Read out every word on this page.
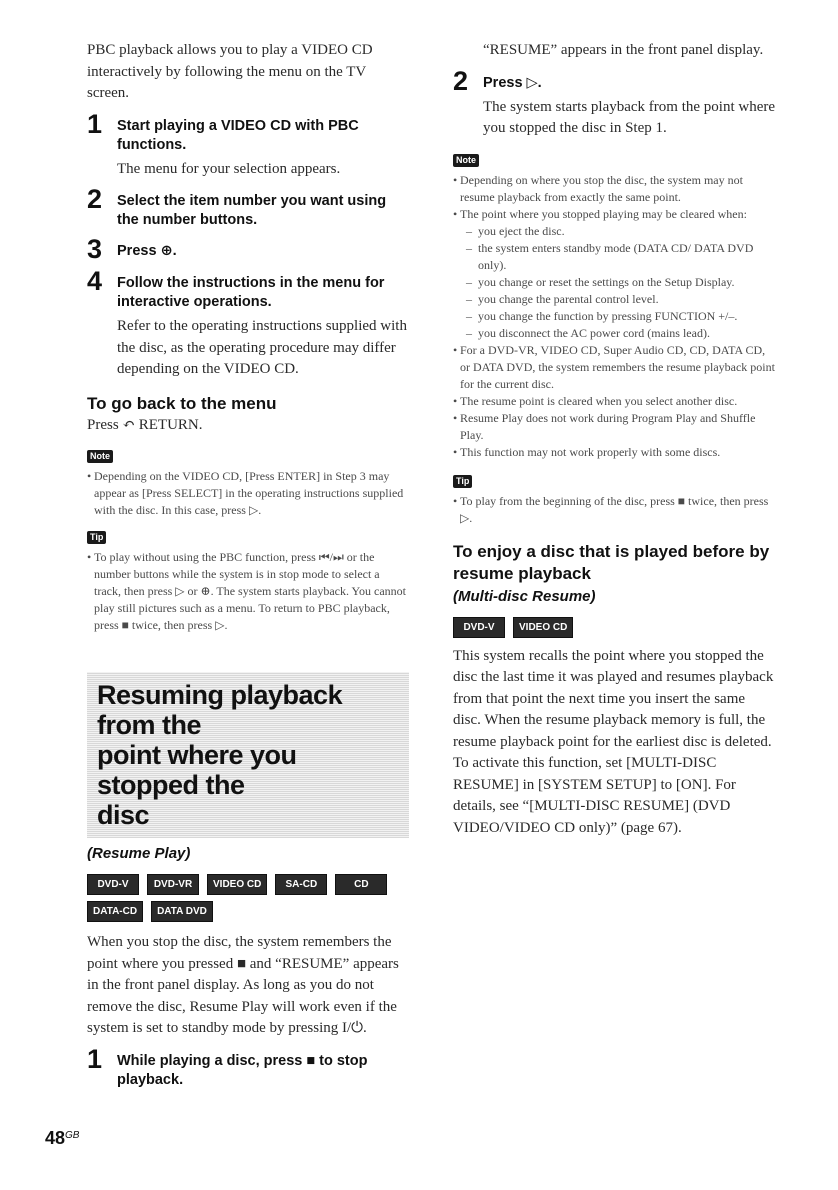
PBC playback allows you to play a VIDEO CD interactively by following the menu on the TV screen.

1	Start playing a VIDEO CD with PBC functions.

The menu for your selection appears.

2	Select the item number you want using the number buttons.
3	Press ⊕.
4	Follow the instructions in the menu for interactive operations.

Refer to the operating instructions supplied with the disc, as the operating procedure may differ depending on the VIDEO CD.

To go back to the menu

Press ↶ RETURN.

Note
• Depending on the VIDEO CD, [Press ENTER] in Step 3 may appear as [Press SELECT] in the operating instructions supplied with the disc. In this case, press ▷.
Tip
• To play without using the PBC function, press ⏮/⏭ or the number buttons while the system is in stop mode to select a track, then press ▷ or ⊕. The system starts playback. You cannot play still pictures such as a menu. To return to PBC playback, press ■ twice, then press ▷.
Resuming playback from the
point where you stopped the
disc
(Resume Play)
DVD-V	DVD-VR	VIDEO CD	SA-CD	CD
DATA-CD	DATA DVD

When you stop the disc, the system remembers the point where you pressed ■ and “RESUME” appears in the front panel display. As long as you do not remove the disc, Resume Play will work even if the system is set to standby mode by pressing I/⏻.

1	While playing a disc, press ■ to stop playback.

“RESUME” appears in the front panel display.

2	Press ▷.

The system starts playback from the point where you stopped the disc in Step 1.

Note
• Depending on where you stop the disc, the system may not resume playback from exactly the same point.
• The point where you stopped playing may be cleared when:
– you eject the disc.
– the system enters standby mode (DATA CD/ DATA DVD only).
– you change or reset the settings on the Setup Display.
– you change the parental control level.
– you change the function by pressing FUNCTION +/–.
– you disconnect the AC power cord (mains lead).
• For a DVD-VR, VIDEO CD, Super Audio CD, CD, DATA CD, or DATA DVD, the system remembers the resume playback point for the current disc.
• The resume point is cleared when you select another disc.
• Resume Play does not work during Program Play and Shuffle Play.
• This function may not work properly with some discs.
Tip
• To play from the beginning of the disc, press ■ twice, then press ▷.
To enjoy a disc that is played before by resume playback
(Multi-disc Resume)
DVD-V	VIDEO CD

This system recalls the point where you stopped the disc the last time it was played and resumes playback from that point the next time you insert the same disc. When the resume playback memory is full, the resume playback point for the earliest disc is deleted.

To activate this function, set [MULTI-DISC RESUME] in [SYSTEM SETUP] to [ON]. For details, see “[MULTI-DISC RESUME] (DVD VIDEO/VIDEO CD only)” (page 67).

$48^{GB}$
